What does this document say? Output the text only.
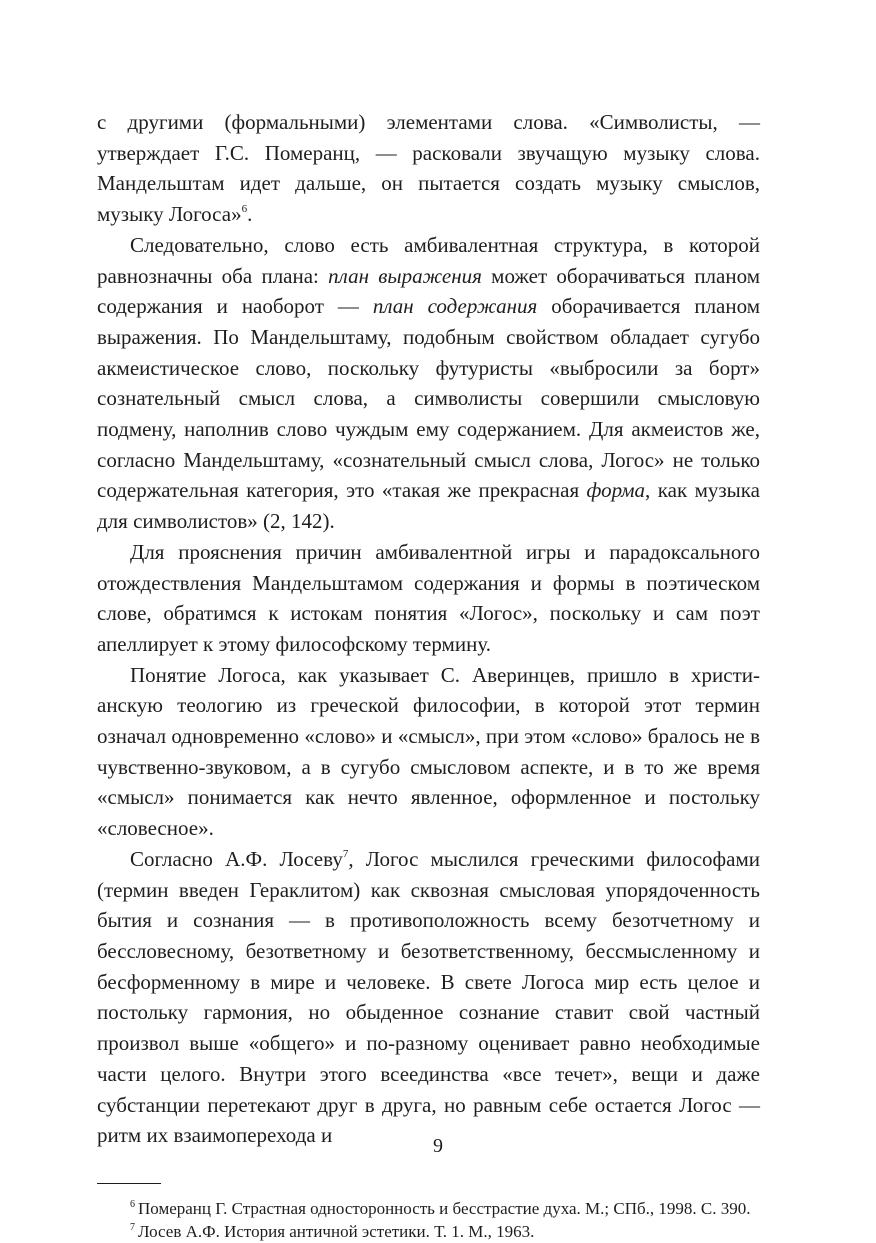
с другими (формальными) элементами слова. «Символисты, — утверждает Г.С. Померанц, — расковали звучащую музыку слова. Мандельштам идет дальше, он пытается создать музыку смыслов, музыку Логоса»$^6$.

Следовательно, слово есть амбивалентная структура, в которой равнозначны оба плана: план выражения может оборачиваться планом содержания и наоборот — план содержания оборачивается планом выражения. По Мандельштаму, подобным свойством обладает сугубо акмеистическое слово, поскольку футуристы «выбросили за борт» сознательный смысл слова, а символисты совершили смысловую подмену, наполнив слово чуждым ему содержанием. Для акмеистов же, согласно Мандельштаму, «сознательный смысл слова, Логос» не только содержательная категория, это «такая же прекрасная форма, как музыка для символистов» (2, 142).

Для прояснения причин амбивалентной игры и парадоксального отождествления Мандельштамом содержания и формы в поэтическом слове, обратимся к истокам понятия «Логос», поскольку и сам поэт апеллирует к этому философскому термину.

Понятие Логоса, как указывает С. Аверинцев, пришло в христианскую теологию из греческой философии, в которой этот термин означал одновременно «слово» и «смысл», при этом «слово» бралось не в чувственно-звуковом, а в сугубо смысловом аспекте, и в то же время «смысл» понимается как нечто явленное, оформленное и постольку «словесное».

Согласно А.Ф. Лосеву$^7$, Логос мыслился греческими философами (термин введен Гераклитом) как сквозная смысловая упорядоченность бытия и сознания — в противоположность всему безотчетному и бессловесному, безответному и безответственному, бессмысленному и бесформенному в мире и человеке. В свете Логоса мир есть целое и постольку гармония, но обыденное сознание ставит свой частный произвол выше «общего» и по-разному оценивает равно необходимые части целого. Внутри этого всеединства «все течет», вещи и даже субстанции перетекают друг в друга, но равным себе остается Логос — ритм их взаимоперехода и

$^6$ Померанц Г. Страстная односторонность и бесстрастие духа. М.; СПб., 1998. С. 390.

$^7$ Лосев А.Ф. История античной эстетики. Т. 1. М., 1963.

9
